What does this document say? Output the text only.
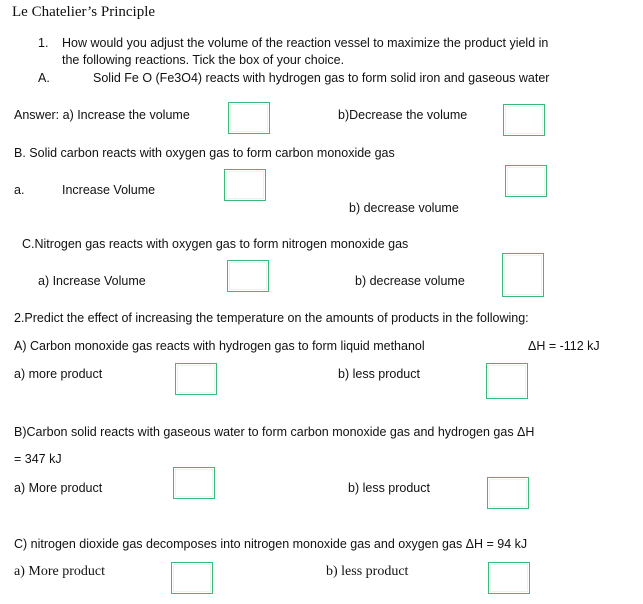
Le Chatelier’s Principle
1. How would you adjust the volume of the reaction vessel to maximize the product yield in
the following reactions. Tick the box of your choice.
A.	Solid Fe O (Fe3O4) reacts with hydrogen gas to form solid iron and gaseous water
Answer: a) Increase the volume	b)Decrease the volume
B. Solid carbon reacts with oxygen gas to form carbon monoxide gas
a.	Increase Volume
b) decrease volume
C.Nitrogen gas reacts with oxygen gas to form nitrogen monoxide gas
a) Increase Volume	b) decrease volume
2.Predict the effect of increasing the temperature on the amounts of products in the following:
A) Carbon monoxide gas reacts with hydrogen gas to form liquid methanol	ΔH = -112 kJ
a) more product	b) less product
B)Carbon solid reacts with gaseous water to form carbon monoxide gas and hydrogen gas ΔH
= 347 kJ
a) More product	b) less product
C) nitrogen dioxide gas decomposes into nitrogen monoxide gas and oxygen gas ΔH = 94 kJ
a) More product	b) less product
